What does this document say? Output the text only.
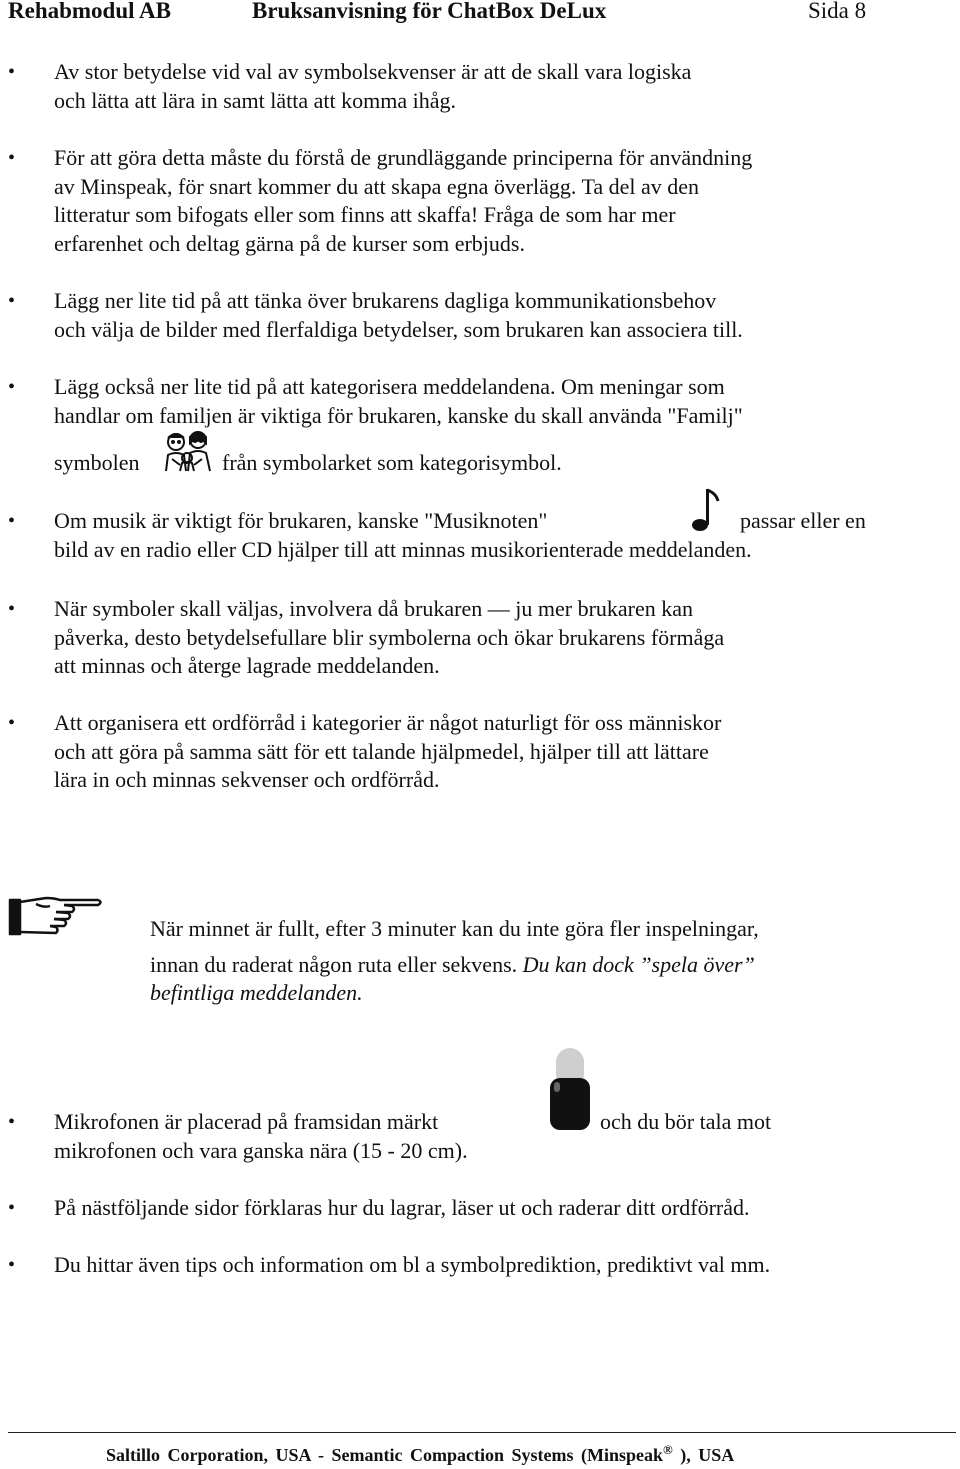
Rehabmodul AB	Bruksanvisning för ChatBox DeLux	Sida 8
• Av stor betydelse vid val av symbolsekvenser är att de skall vara logiska
och lätta att lära in samt lätta att komma ihåg.
• För att göra detta måste du förstå de grundläggande principerna för användning
av Minspeak, för snart kommer du att skapa egna överlägg. Ta del av den
litteratur som bifogats eller som finns att skaffa! Fråga de som har mer
erfarenhet och deltag gärna på de kurser som erbjuds.
• Lägg ner lite tid på att tänka över brukarens dagliga kommunikationsbehov
och välja de bilder med flerfaldiga betydelser, som brukaren kan associera till.
• Lägg också ner lite tid på att kategorisera meddelandena. Om meningar som
handlar om familjen är viktiga för brukaren, kanske du skall använda "Familj"
symbolen	från symbolarket som kategorisymbol.
• Om musik är viktigt för brukaren, kanske "Musiknoten"	passar eller en
bild av en radio eller CD hjälper till att minnas musikorienterade meddelanden.
• När symboler skall väljas, involvera då brukaren — ju mer brukaren kan
påverka, desto betydelsefullare blir symbolerna och ökar brukarens förmåga
att minnas och återge lagrade meddelanden.
• Att organisera ett ordförråd i kategorier är något naturligt för oss människor
och att göra på samma sätt för ett talande hjälpmedel, hjälper till att lättare
lära in och minnas sekvenser och ordförråd.
När minnet är fullt, efter 3 minuter kan du inte göra fler inspelningar,
innan du raderat någon ruta eller sekvens. Du kan dock ”spela över”
befintliga meddelanden.
• Mikrofonen är placerad på framsidan märkt	och du bör tala mot
mikrofonen och vara ganska nära (15 - 20 cm).
• På nästföljande sidor förklaras hur du lagrar, läser ut och raderar ditt ordförråd.
• Du hittar även tips och information om bl a symbolprediktion, prediktivt val mm.
Saltillo Corporation, USA - Semantic Compaction Systems (Minspeak® ), USA
